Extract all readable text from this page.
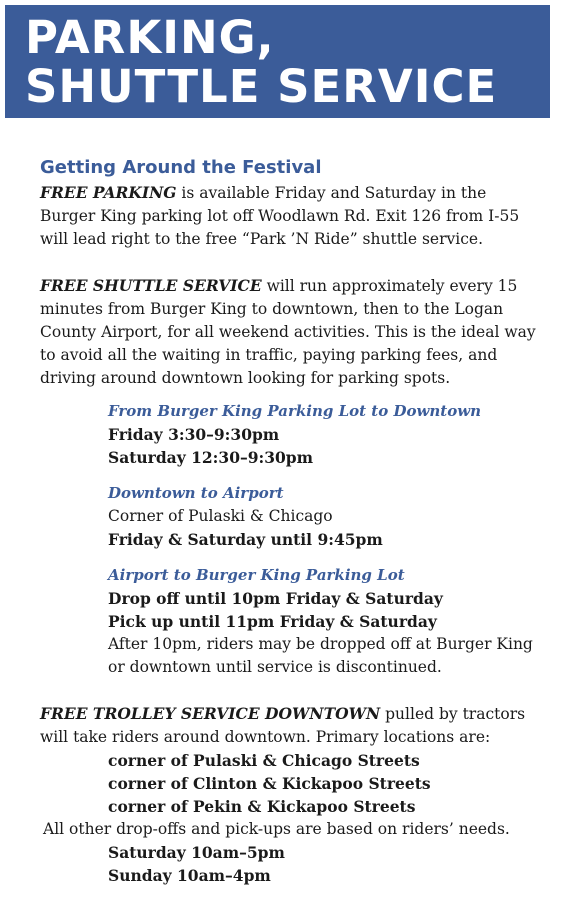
PARKING,
SHUTTLE SERVICE
Getting Around the Festival

FREE PARKING is available Friday and Saturday in the Burger King parking lot off Woodlawn Rd. Exit 126 from I-55 will lead right to the free “Park ’N Ride” shuttle service.

FREE SHUTTLE SERVICE will run approximately every 15 minutes from Burger King to downtown, then to the Logan County Airport, for all weekend activities. This is the ideal way to avoid all the waiting in traffic, paying parking fees, and driving around downtown looking for parking spots.

From Burger King Parking Lot to Downtown
Friday 3:30–9:30pm
Saturday 12:30–9:30pm
Downtown to Airport
Corner of Pulaski & Chicago
Friday & Saturday until 9:45pm
Airport to Burger King Parking Lot
Drop off until 10pm Friday & Saturday
Pick up until 11pm Friday & Saturday
After 10pm, riders may be dropped off at Burger King or downtown until service is discontinued.

FREE TROLLEY SERVICE DOWNTOWN pulled by tractors will take riders around downtown. Primary locations are:

corner of Pulaski & Chicago Streets
corner of Clinton & Kickapoo Streets
corner of Pekin & Kickapoo Streets
All other drop-offs and pick-ups are based on riders’ needs.
Saturday 10am–5pm
Sunday 10am–4pm
